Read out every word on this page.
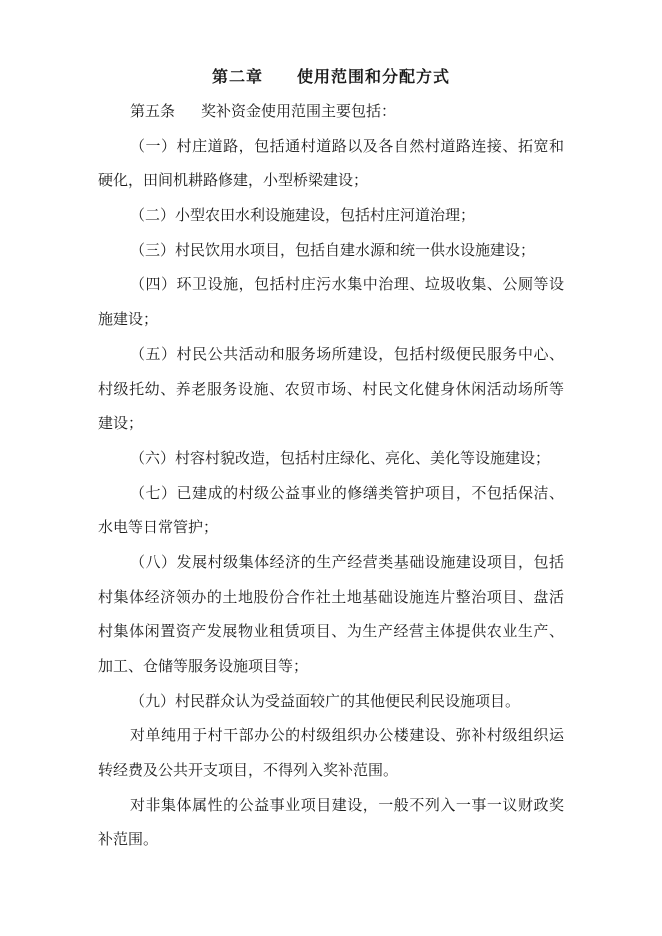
第二章 使用范围和分配方式
第五条 奖补资金使用范围主要包括：
（一）村庄道路，包括通村道路以及各自然村道路连接、拓宽和
硬化，田间机耕路修建，小型桥梁建设；
（二）小型农田水利设施建设，包括村庄河道治理；
（三）村民饮用水项目，包括自建水源和统一供水设施建设；
（四）环卫设施，包括村庄污水集中治理、垃圾收集、公厕等设
施建设；
（五）村民公共活动和服务场所建设，包括村级便民服务中心、
村级托幼、养老服务设施、农贸市场、村民文化健身休闲活动场所等
建设；
（六）村容村貌改造，包括村庄绿化、亮化、美化等设施建设；
（七）已建成的村级公益事业的修缮类管护项目，不包括保洁、
水电等日常管护；
（八）发展村级集体经济的生产经营类基础设施建设项目，包括
村集体经济领办的土地股份合作社土地基础设施连片整治项目、盘活
村集体闲置资产发展物业租赁项目、为生产经营主体提供农业生产、
加工、仓储等服务设施项目等；
（九）村民群众认为受益面较广的其他便民利民设施项目。
对单纯用于村干部办公的村级组织办公楼建设、弥补村级组织运
转经费及公共开支项目，不得列入奖补范围。
对非集体属性的公益事业项目建设，一般不列入一事一议财政奖
补范围。
